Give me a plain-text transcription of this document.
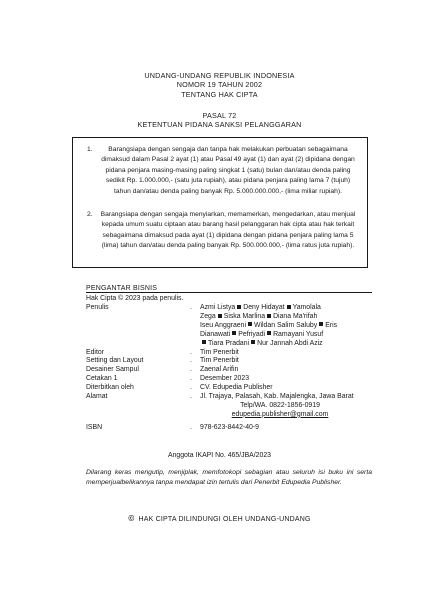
UNDANG-UNDANG REPUBLIK INDONESIA
NOMOR 19 TAHUN 2002
TENTANG HAK CIPTA
PASAL 72
KETENTUAN PIDANA SANKSI PELANGGARAN
1.	Barangsiapa dengan sengaja dan tanpa hak melakukan perbuatan sebagaimana dimaksud dalam Pasal 2 ayat (1) atau Pasal 49 ayat (1) dan ayat (2) dipidana dengan pidana penjara masing-masing paling singkat 1 (satu) bulan dan/atau denda paling sedikit Rp. 1.000.000,- (satu juta rupiah), atau pidana penjara paling lama 7 (tujuh) tahun dan/atau denda paling banyak Rp. 5.000.000.000,- (lima miliar rupiah).
2.	Barangsiapa dengan sengaja menyiarkan, memamerkan, mengedarkan, atau menjual kepada umum suatu ciptaan atau barang hasil pelanggaran hak cipta atau hak terkait sebagaimana dimaksud pada ayat (1) dipidana dengan pidana penjara paling lama 5 (lima) tahun dan/atau denda paling banyak Rp. 500.000.000,- (lima ratus juta rupiah).
PENGANTAR BISNIS
Hak Cipta © 2023 pada penulis.
Penulis	.	Azmi Listya Deny Hidayat Yamolala
Zega Siska Marlina Diana Ma'rifah
Iseu Anggraeni Wildan Salim Saluby Eris
Dianawati Pefriyadi Ramayani Yusuf
Tiara Pradani Nur Jannah Abdi Aziz
Editor	.	Tim Penerbit
Setting dan Layout	.	Tim Penerbit
Desainer Sampul	.	Zaenal Arifin
Cetakan 1	.	Desember 2023
Diterbitkan oleh	.	CV. Edupedia Publisher
Alamat	.	Jl. Trajaya, Palasah, Kab. Majalengka, Jawa Barat
Telp/WA. 0822-1856-0919
edupedia.publisher@gmail.com
ISBN	.	978-623-8442-40-9
Anggota IKAPI No. 465/JBA/2023
Dilarang keras mengutip, menjiplak, memfotokopi sebagian atau seluruh isi buku ini serta memperjualbelikannya tanpa mendapat izin tertulis dari Penerbit Edupedia Publisher.
© HAK CIPTA DILINDUNGI OLEH UNDANG-UNDANG
